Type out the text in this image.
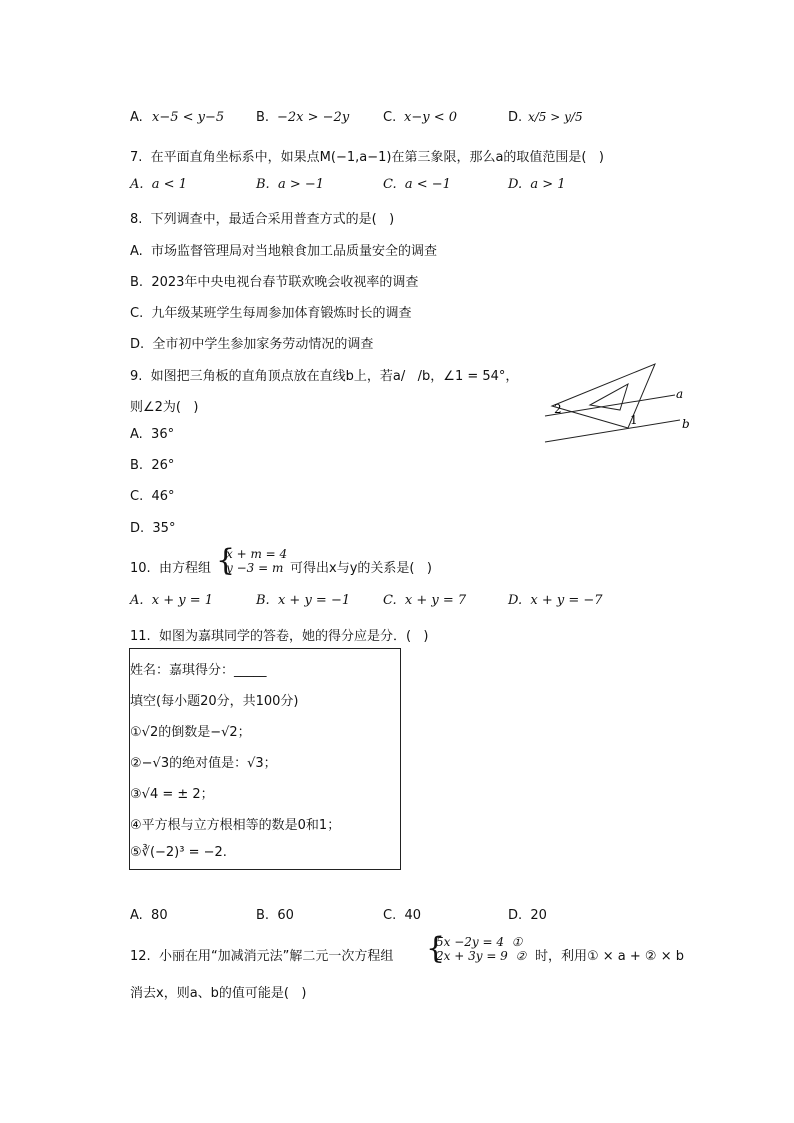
A. x−5 < y−5 B. −2x > −2y	C. x−y < 0	D. x/5 > y/5
7.  在平面直角坐标系中，如果点M(−1,a−1)在第三象限，那么a的取值范围是(   )
A.  a < 1	B.  a > −1	C.  a < −1	D.  a > 1
8.  下列调查中，最适合采用普查方式的是(   )
A.  市场监督管理局对当地粮食加工品质量安全的调查
B.  2023年中央电视台春节联欢晚会收视率的调查
C.  九年级某班学生每周参加体育锻炼时长的调查
D.  全市初中学生参加家务劳动情况的调查
9.  如图把三角板的直角顶点放在直线b上，若a/   /b，∠1 = 54°，
则∠2为(   )
A.  36°
B.  26°
C.  46°
D.  35°
2
1
a
b
10.  由方程组 {
x + m = 4
y −3 = m 可得出x与y的关系是(   )
A.  x + y = 1	B.  x + y = −1	C.  x + y = 7	D.  x + y = −7
11.  如图为嘉琪同学的答卷，她的得分应是分．(   )
姓名：嘉琪得分：_____
填空(每小题20分，共100分)
①√2的倒数是−√2；
②−√3的绝对值是：√3；
③√4 = ± 2；
④平方根与立方根相等的数是0和1；
⑤∛(−2)³ = −2.
A.  80	B.  60	C.  40	D.  20
12.  小丽在用“加减消元法”解二元一次方程组 {
5x −2y = 4  ①
2x + 3y = 9  ② 时，利用① × a + ② × b
消去x，则a、b的值可能是(   )
